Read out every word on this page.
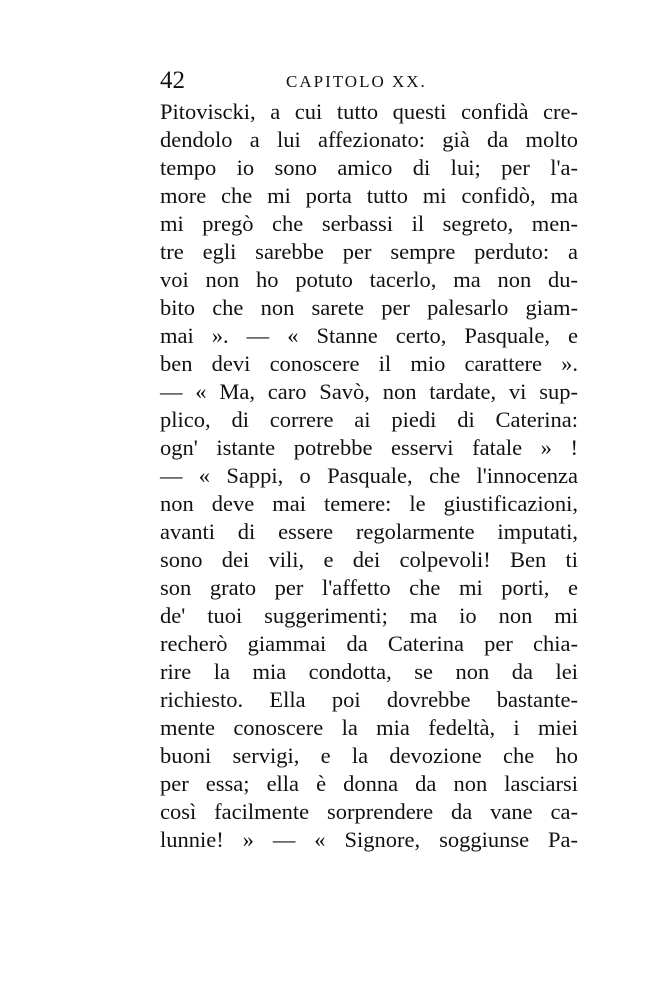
42	CAPITOLO XX.
Pitoviscki, a cui tutto questi confidà cre-
dendolo a lui affezionato: già da molto
tempo io sono amico di lui; per l'a-
more che mi porta tutto mi confidò, ma
mi pregò che serbassi il segreto, men-
tre egli sarebbe per sempre perduto: a
voi non ho potuto tacerlo, ma non du-
bito che non sarete per palesarlo giam-
mai ». — « Stanne certo, Pasquale, e
ben devi conoscere il mio carattere ».
— « Ma, caro Savò, non tardate, vi sup-
plico, di correre ai piedi di Caterina:
ogn' istante potrebbe esservi fatale » !
— « Sappi, o Pasquale, che l'innocenza
non deve mai temere: le giustificazioni,
avanti di essere regolarmente imputati,
sono dei vili, e dei colpevoli! Ben ti
son grato per l'affetto che mi porti, e
de' tuoi suggerimenti; ma io non mi
recherò giammai da Caterina per chia-
rire la mia condotta, se non da lei
richiesto. Ella poi dovrebbe bastante-
mente conoscere la mia fedeltà, i miei
buoni servigi, e la devozione che ho
per essa; ella è donna da non lasciarsi
così facilmente sorprendere da vane ca-
lunnie! » — « Signore, soggiunse Pa-
